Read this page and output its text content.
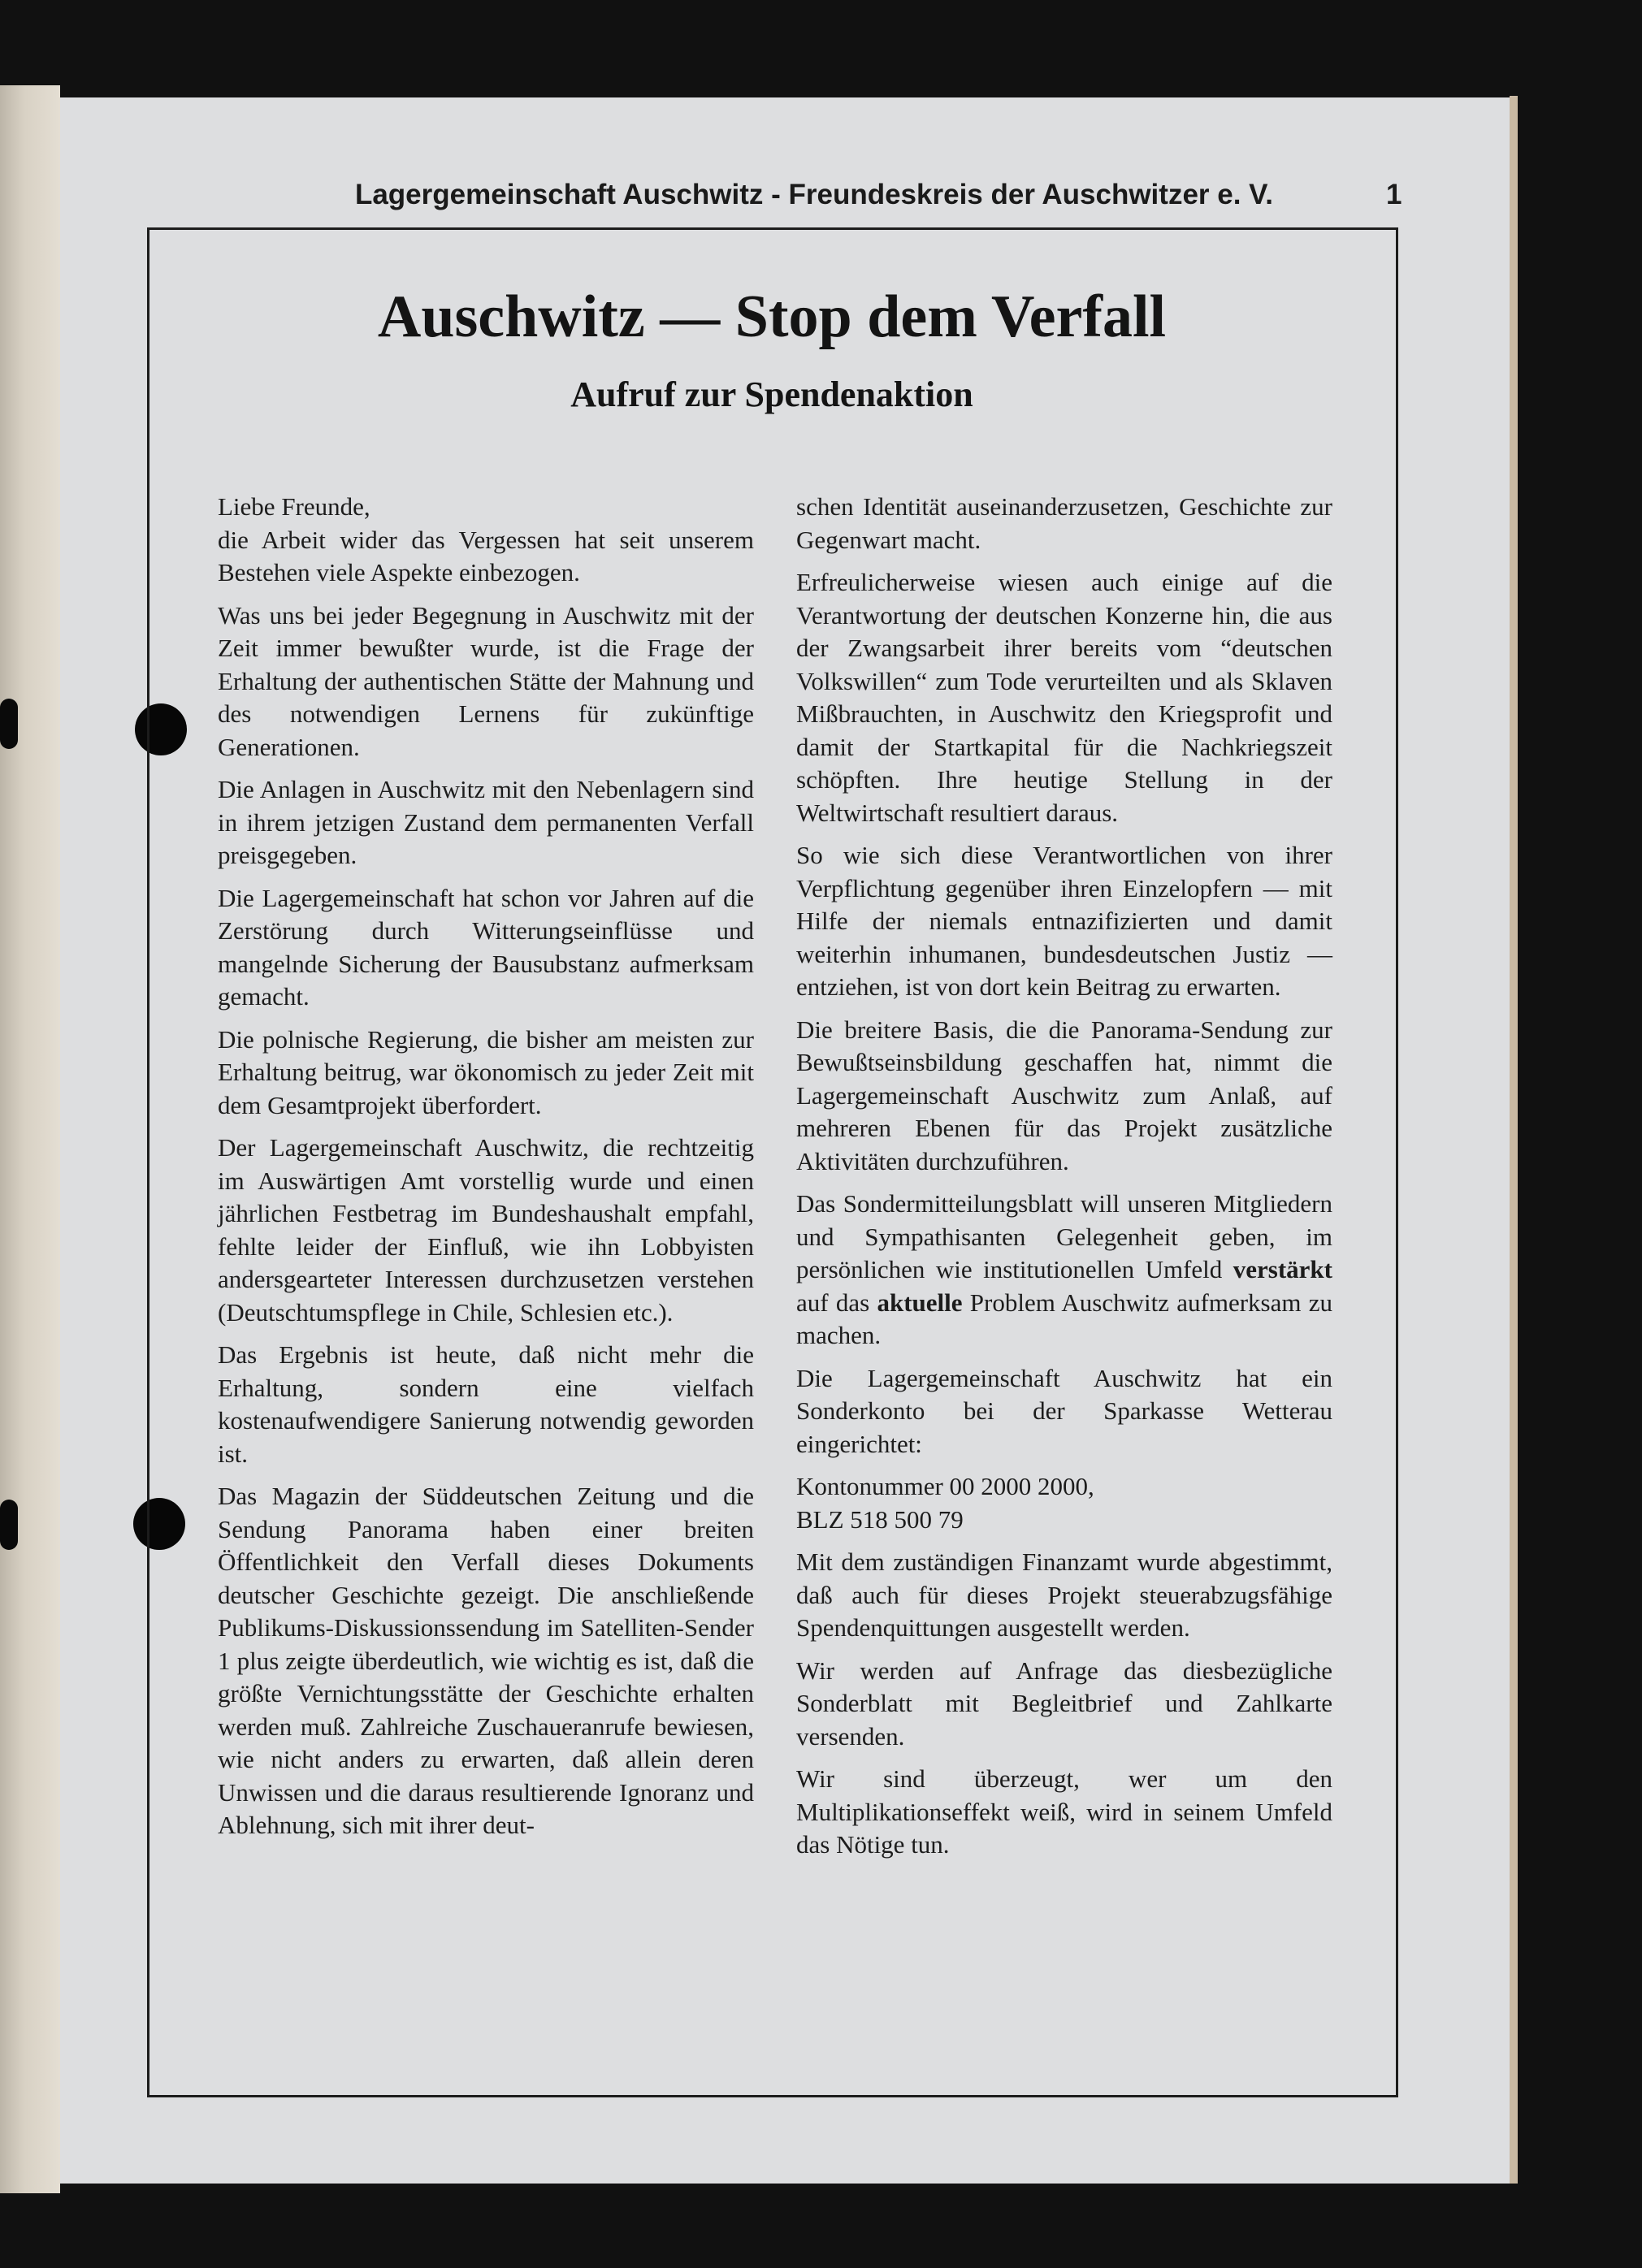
Lagergemeinschaft Auschwitz - Freundeskreis der Auschwitzer e. V.	1
Auschwitz — Stop dem Verfall
Aufruf zur Spendenaktion

Liebe Freunde,

die Arbeit wider das Vergessen hat seit unserem Bestehen viele Aspekte einbezogen.

Was uns bei jeder Begegnung in Auschwitz mit der Zeit immer bewußter wurde, ist die Frage der Erhaltung der authentischen Stätte der Mahnung und des notwendigen Lernens für zukünftige Generationen.

Die Anlagen in Auschwitz mit den Nebenlagern sind in ihrem jetzigen Zustand dem permanenten Verfall preisgegeben.

Die Lagergemeinschaft hat schon vor Jahren auf die Zerstörung durch Witterungseinflüsse und mangelnde Sicherung der Bausubstanz aufmerksam gemacht.

Die polnische Regierung, die bisher am meisten zur Erhaltung beitrug, war ökonomisch zu jeder Zeit mit dem Gesamtprojekt überfordert.

Der Lagergemeinschaft Auschwitz, die rechtzeitig im Auswärtigen Amt vorstellig wurde und einen jährlichen Festbetrag im Bundeshaushalt empfahl, fehlte leider der Einfluß, wie ihn Lobbyisten andersgearteter Interessen durchzusetzen verstehen (Deutschtumspflege in Chile, Schlesien etc.).

Das Ergebnis ist heute, daß nicht mehr die Erhaltung, sondern eine vielfach kostenaufwendigere Sanierung notwendig geworden ist.

Das Magazin der Süddeutschen Zeitung und die Sendung Panorama haben einer breiten Öffentlichkeit den Verfall dieses Dokuments deutscher Geschichte gezeigt. Die anschließende Publikums-Diskussionssendung im Satelliten-Sender 1 plus zeigte überdeutlich, wie wichtig es ist, daß die größte Vernichtungsstätte der Geschichte erhalten werden muß. Zahlreiche Zuschaueranrufe bewiesen, wie nicht anders zu erwarten, daß allein deren Unwissen und die daraus resultierende Ignoranz und Ablehnung, sich mit ihrer deut-

schen Identität auseinanderzusetzen, Geschichte zur Gegenwart macht.

Erfreulicherweise wiesen auch einige auf die Verantwortung der deutschen Konzerne hin, die aus der Zwangsarbeit ihrer bereits vom “deutschen Volkswillen“ zum Tode verurteilten und als Sklaven Mißbrauchten, in Auschwitz den Kriegsprofit und damit der Startkapital für die Nachkriegszeit schöpften. Ihre heutige Stellung in der Weltwirtschaft resultiert daraus.

So wie sich diese Verantwortlichen von ihrer Verpflichtung gegenüber ihren Einzelopfern — mit Hilfe der niemals entnazifizierten und damit weiterhin inhumanen, bundesdeutschen Justiz — entziehen, ist von dort kein Beitrag zu erwarten.

Die breitere Basis, die die Panorama-Sendung zur Bewußtseinsbildung geschaffen hat, nimmt die Lagergemeinschaft Auschwitz zum Anlaß, auf mehreren Ebenen für das Projekt zusätzliche Aktivitäten durchzuführen.

Das Sondermitteilungsblatt will unseren Mitgliedern und Sympathisanten Gelegenheit geben, im persönlichen wie institutionellen Umfeld verstärkt auf das aktuelle Problem Auschwitz aufmerksam zu machen.

Die Lagergemeinschaft Auschwitz hat ein Sonderkonto bei der Sparkasse Wetterau eingerichtet:

Kontonummer 00 2000 2000,

BLZ 518 500 79

Mit dem zuständigen Finanzamt wurde abgestimmt, daß auch für dieses Projekt steuerabzugsfähige Spendenquittungen ausgestellt werden.

Wir werden auf Anfrage das diesbezügliche Sonderblatt mit Begleitbrief und Zahlkarte versenden.

Wir sind überzeugt, wer um den Multiplikationseffekt weiß, wird in seinem Umfeld das Nötige tun.
